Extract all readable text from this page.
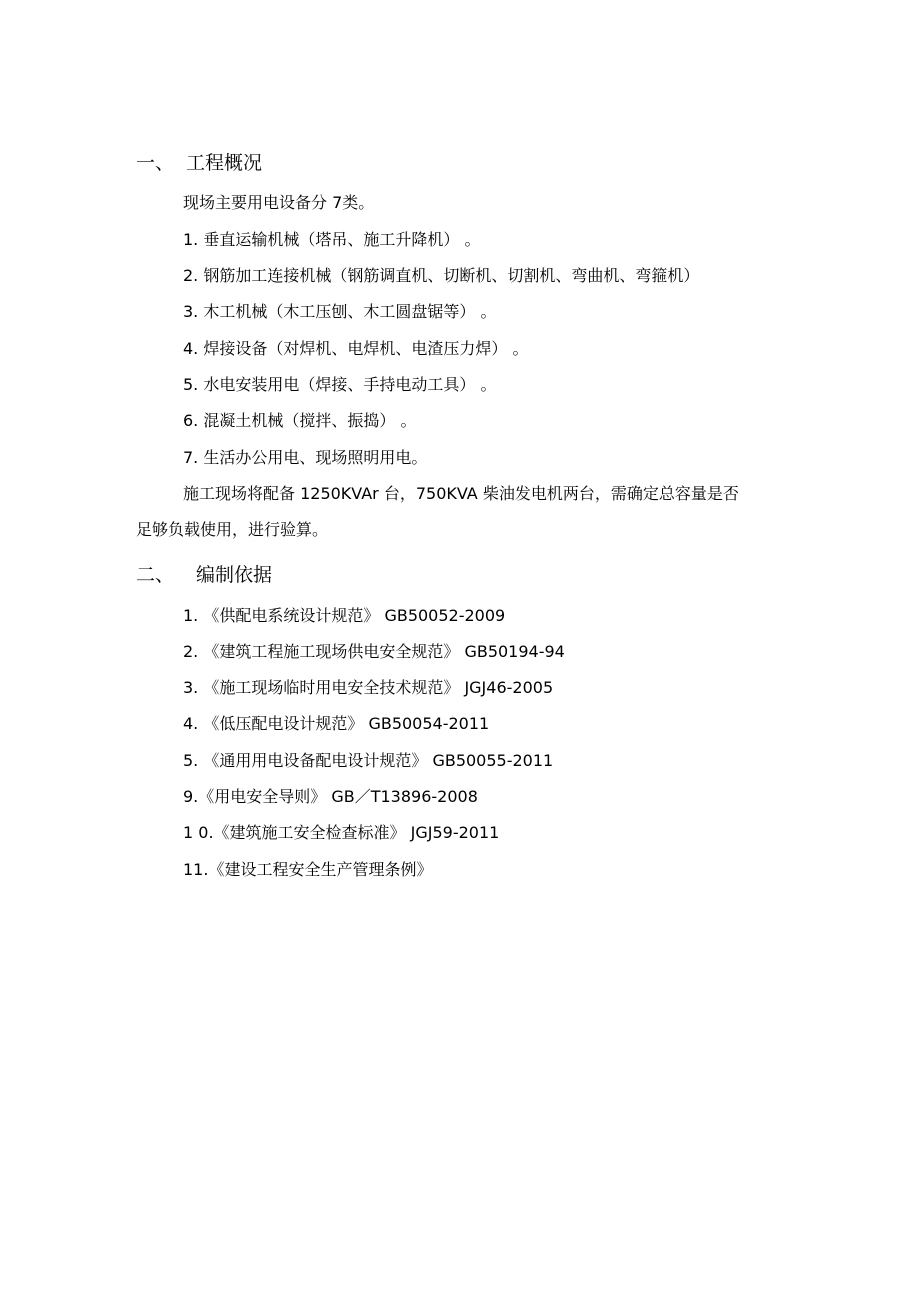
一、 工程概况
现场主要用电设备分 7类。
1. 垂直运输机械（塔吊、施工升降机） 。
2. 钢筋加工连接机械（钢筋调直机、切断机、切割机、弯曲机、弯箍机）
3. 木工机械（木工压刨、木工圆盘锯等） 。
4. 焊接设备（对焊机、电焊机、电渣压力焊） 。
5. 水电安装用电（焊接、手持电动工具） 。
6. 混凝土机械（搅拌、振捣） 。
7. 生活办公用电、现场照明用电。
施工现场将配备 1250KVAr 台，750KVA 柴油发电机两台，需确定总容量是否
足够负载使用，进行验算。
二、 编制依据
1. 《供配电系统设计规范》 GB50052-2009
2. 《建筑工程施工现场供电安全规范》 GB50194-94
3. 《施工现场临时用电安全技术规范》 JGJ46-2005
4. 《低压配电设计规范》 GB50054-2011
5. 《通用用电设备配电设计规范》 GB50055-2011
9.《用电安全导则》 GB／T13896-2008
1 0.《建筑施工安全检查标准》 JGJ59-2011
11.《建设工程安全生产管理条例》
